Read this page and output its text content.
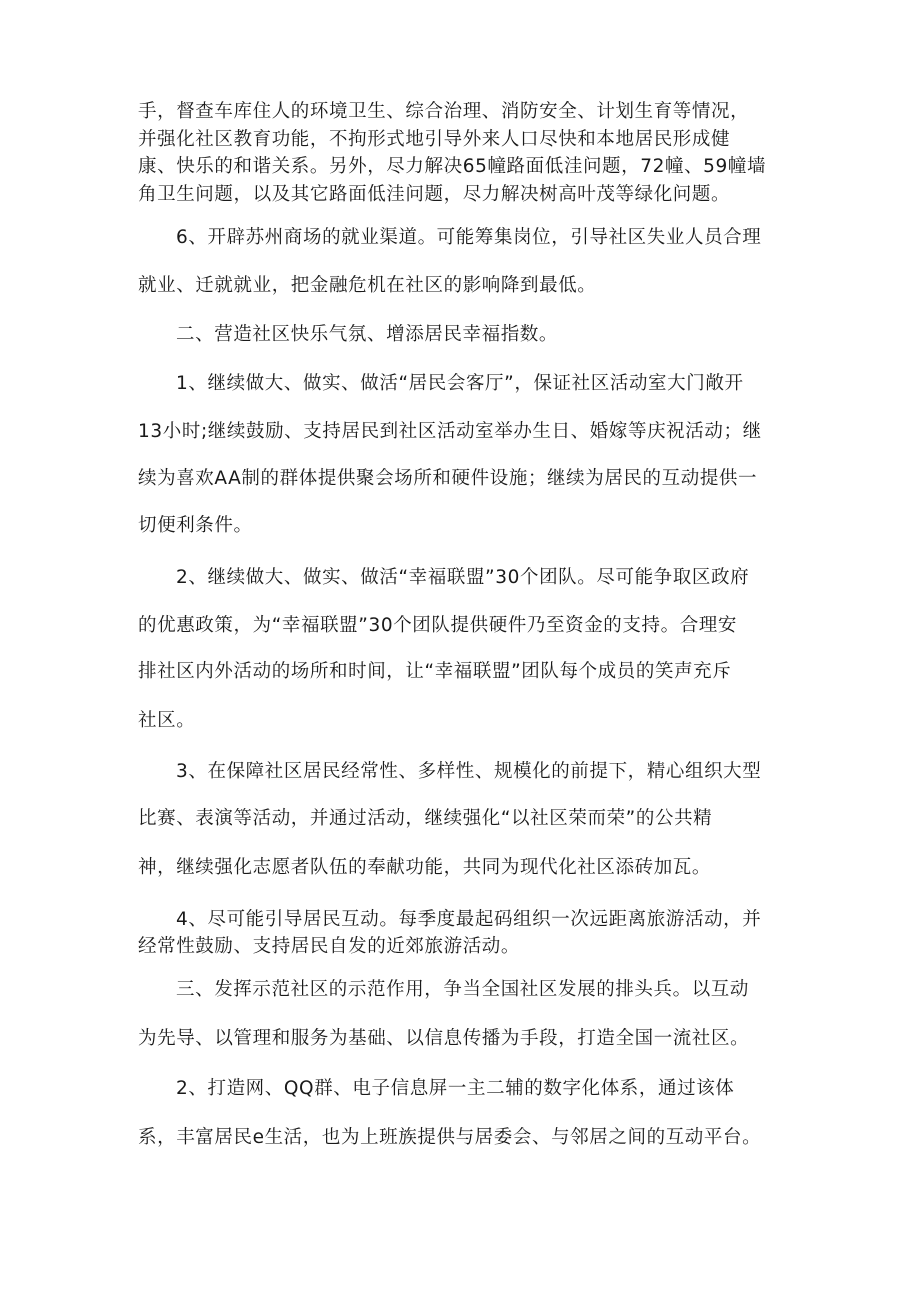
手，督查车库住人的环境卫生、综合治理、消防安全、计划生育等情况，
并强化社区教育功能，不拘形式地引导外来人口尽快和本地居民形成健
康、快乐的和谐关系。另外，尽力解决65幢路面低洼问题，72幢、59幢墙
角卫生问题，以及其它路面低洼问题，尽力解决树高叶茂等绿化问题。
6、开辟苏州商场的就业渠道。可能筹集岗位，引导社区失业人员合理
就业、迁就就业，把金融危机在社区的影响降到最低。
二、营造社区快乐气氛、增添居民幸福指数。
1、继续做大、做实、做活“居民会客厅”，保证社区活动室大门敞开
13小时;继续鼓励、支持居民到社区活动室举办生日、婚嫁等庆祝活动；继
续为喜欢AA制的群体提供聚会场所和硬件设施；继续为居民的互动提供一
切便利条件。
2、继续做大、做实、做活“幸福联盟”30个团队。尽可能争取区政府
的优惠政策，为“幸福联盟”30个团队提供硬件乃至资金的支持。合理安
排社区内外活动的场所和时间，让“幸福联盟”团队每个成员的笑声充斥
社区。
3、在保障社区居民经常性、多样性、规模化的前提下，精心组织大型
比赛、表演等活动，并通过活动，继续强化“以社区荣而荣”的公共精
神，继续强化志愿者队伍的奉献功能，共同为现代化社区添砖加瓦。
4、尽可能引导居民互动。每季度最起码组织一次远距离旅游活动，并
经常性鼓励、支持居民自发的近郊旅游活动。
三、发挥示范社区的示范作用，争当全国社区发展的排头兵。以互动
为先导、以管理和服务为基础、以信息传播为手段，打造全国一流社区。
2、打造网、QQ群、电子信息屏一主二辅的数字化体系，通过该体
系，丰富居民e生活，也为上班族提供与居委会、与邻居之间的互动平台。
